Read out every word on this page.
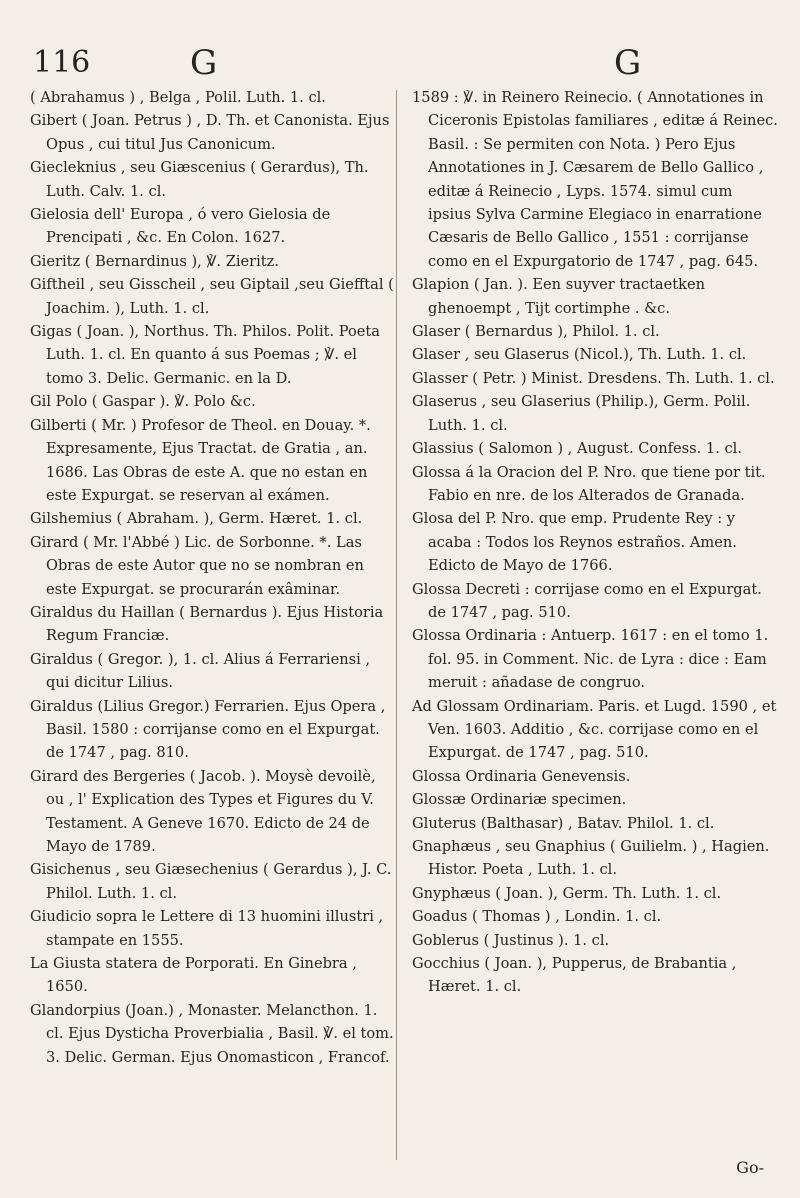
116	G	G

( Abrahamus ) , Belga , Polil. Luth. 1. cl.

Gibert ( Joan. Petrus ) , D. Th. et Canonista. Ejus Opus , cui titul Jus Canonicum.

Giecleknius , seu Giæscenius ( Gerardus), Th. Luth. Calv. 1. cl.

Gielosia dell' Europa , ó vero Gielosia de Prencipati , &c. En Colon. 1627.

Gieritz ( Bernardinus ), ℣. Zieritz.

Giftheil , seu Gisscheil , seu Giptail ,seu Giefftal ( Joachim. ), Luth. 1. cl.

Gigas ( Joan. ), Northus. Th. Philos. Polit. Poeta Luth. 1. cl. En quanto á sus Poemas ; ℣. el tomo 3. Delic. Germanic. en la D.

Gil Polo ( Gaspar ). ℣. Polo &c.

Gilberti ( Mr. ) Profesor de Theol. en Douay. *. Expresamente, Ejus Tractat. de Gratia , an. 1686. Las Obras de este A. que no estan en este Expurgat. se reservan al exámen.

Gilshemius ( Abraham. ), Germ. Hæret. 1. cl.

Girard ( Mr. l'Abbé ) Lic. de Sorbonne. *. Las Obras de este Autor que no se nombran en este Expurgat. se procurarán exâminar.

Giraldus du Haillan ( Bernardus ). Ejus Historia Regum Franciæ.

Giraldus ( Gregor. ), 1. cl. Alius á Ferrariensi , qui dicitur Lilius.

Giraldus (Lilius Gregor.) Ferrarien. Ejus Opera , Basil. 1580 : corrijanse como en el Expurgat. de 1747 , pag. 810.

Girard des Bergeries ( Jacob. ). Moysè devoilè, ou , l' Explication des Types et Figures du V. Testament. A Geneve 1670. Edicto de 24 de Mayo de 1789.

Gisichenus , seu Giæsechenius ( Gerardus ), J. C. Philol. Luth. 1. cl.

Giudicio sopra le Lettere di 13 huomini illustri , stampate en 1555.

La Giusta statera de Porporati. En Ginebra , 1650.

Glandorpius (Joan.) , Monaster. Melancthon. 1. cl. Ejus Dysticha Proverbialia , Basil. ℣. el tom. 3. Delic. German. Ejus Onomasticon , Francof.

1589 : ℣. in Reinero Reinecio. ( Annotationes in Ciceronis Epistolas familiares , editæ á Reinec. Basil. : Se permiten con Nota. ) Pero Ejus Annotationes in J. Cæsarem de Bello Gallico , editæ á Reinecio , Lyps. 1574. simul cum ipsius Sylva Carmine Elegiaco in enarratione Cæsaris de Bello Gallico , 1551 : corrijanse como en el Expurgatorio de 1747 , pag. 645.

Glapion ( Jan. ). Een suyver tractaetken ghenoempt , Tijt cortimphe . &c.

Glaser ( Bernardus ), Philol. 1. cl.

Glaser , seu Glaserus (Nicol.), Th. Luth. 1. cl.

Glasser ( Petr. ) Minist. Dresdens. Th. Luth. 1. cl.

Glaserus , seu Glaserius (Philip.), Germ. Polil. Luth. 1. cl.

Glassius ( Salomon ) , August. Confess. 1. cl.

Glossa á la Oracion del P. Nro. que tiene por tit. Fabio en nre. de los Alterados de Granada.

Glosa del P. Nro. que emp. Prudente Rey : y acaba : Todos los Reynos estraños. Amen. Edicto de Mayo de 1766.

Glossa Decreti : corrijase como en el Expurgat. de 1747 , pag. 510.

Glossa Ordinaria : Antuerp. 1617 : en el tomo 1. fol. 95. in Comment. Nic. de Lyra : dice : Eam meruit : añadase de congruo.

Ad Glossam Ordinariam. Paris. et Lugd. 1590 , et Ven. 1603. Additio , &c. corrijase como en el Expurgat. de 1747 , pag. 510.

Glossa Ordinaria Genevensis.

Glossæ Ordinariæ specimen.

Gluterus (Balthasar) , Batav. Philol. 1. cl.

Gnaphæus , seu Gnaphius ( Guilielm. ) , Hagien. Histor. Poeta , Luth. 1. cl.

Gnyphæus ( Joan. ), Germ. Th. Luth. 1. cl.

Goadus ( Thomas ) , Londin. 1. cl.

Goblerus ( Justinus ). 1. cl.

Gocchius ( Joan. ), Pupperus, de Brabantia , Hæret. 1. cl.

Go-
